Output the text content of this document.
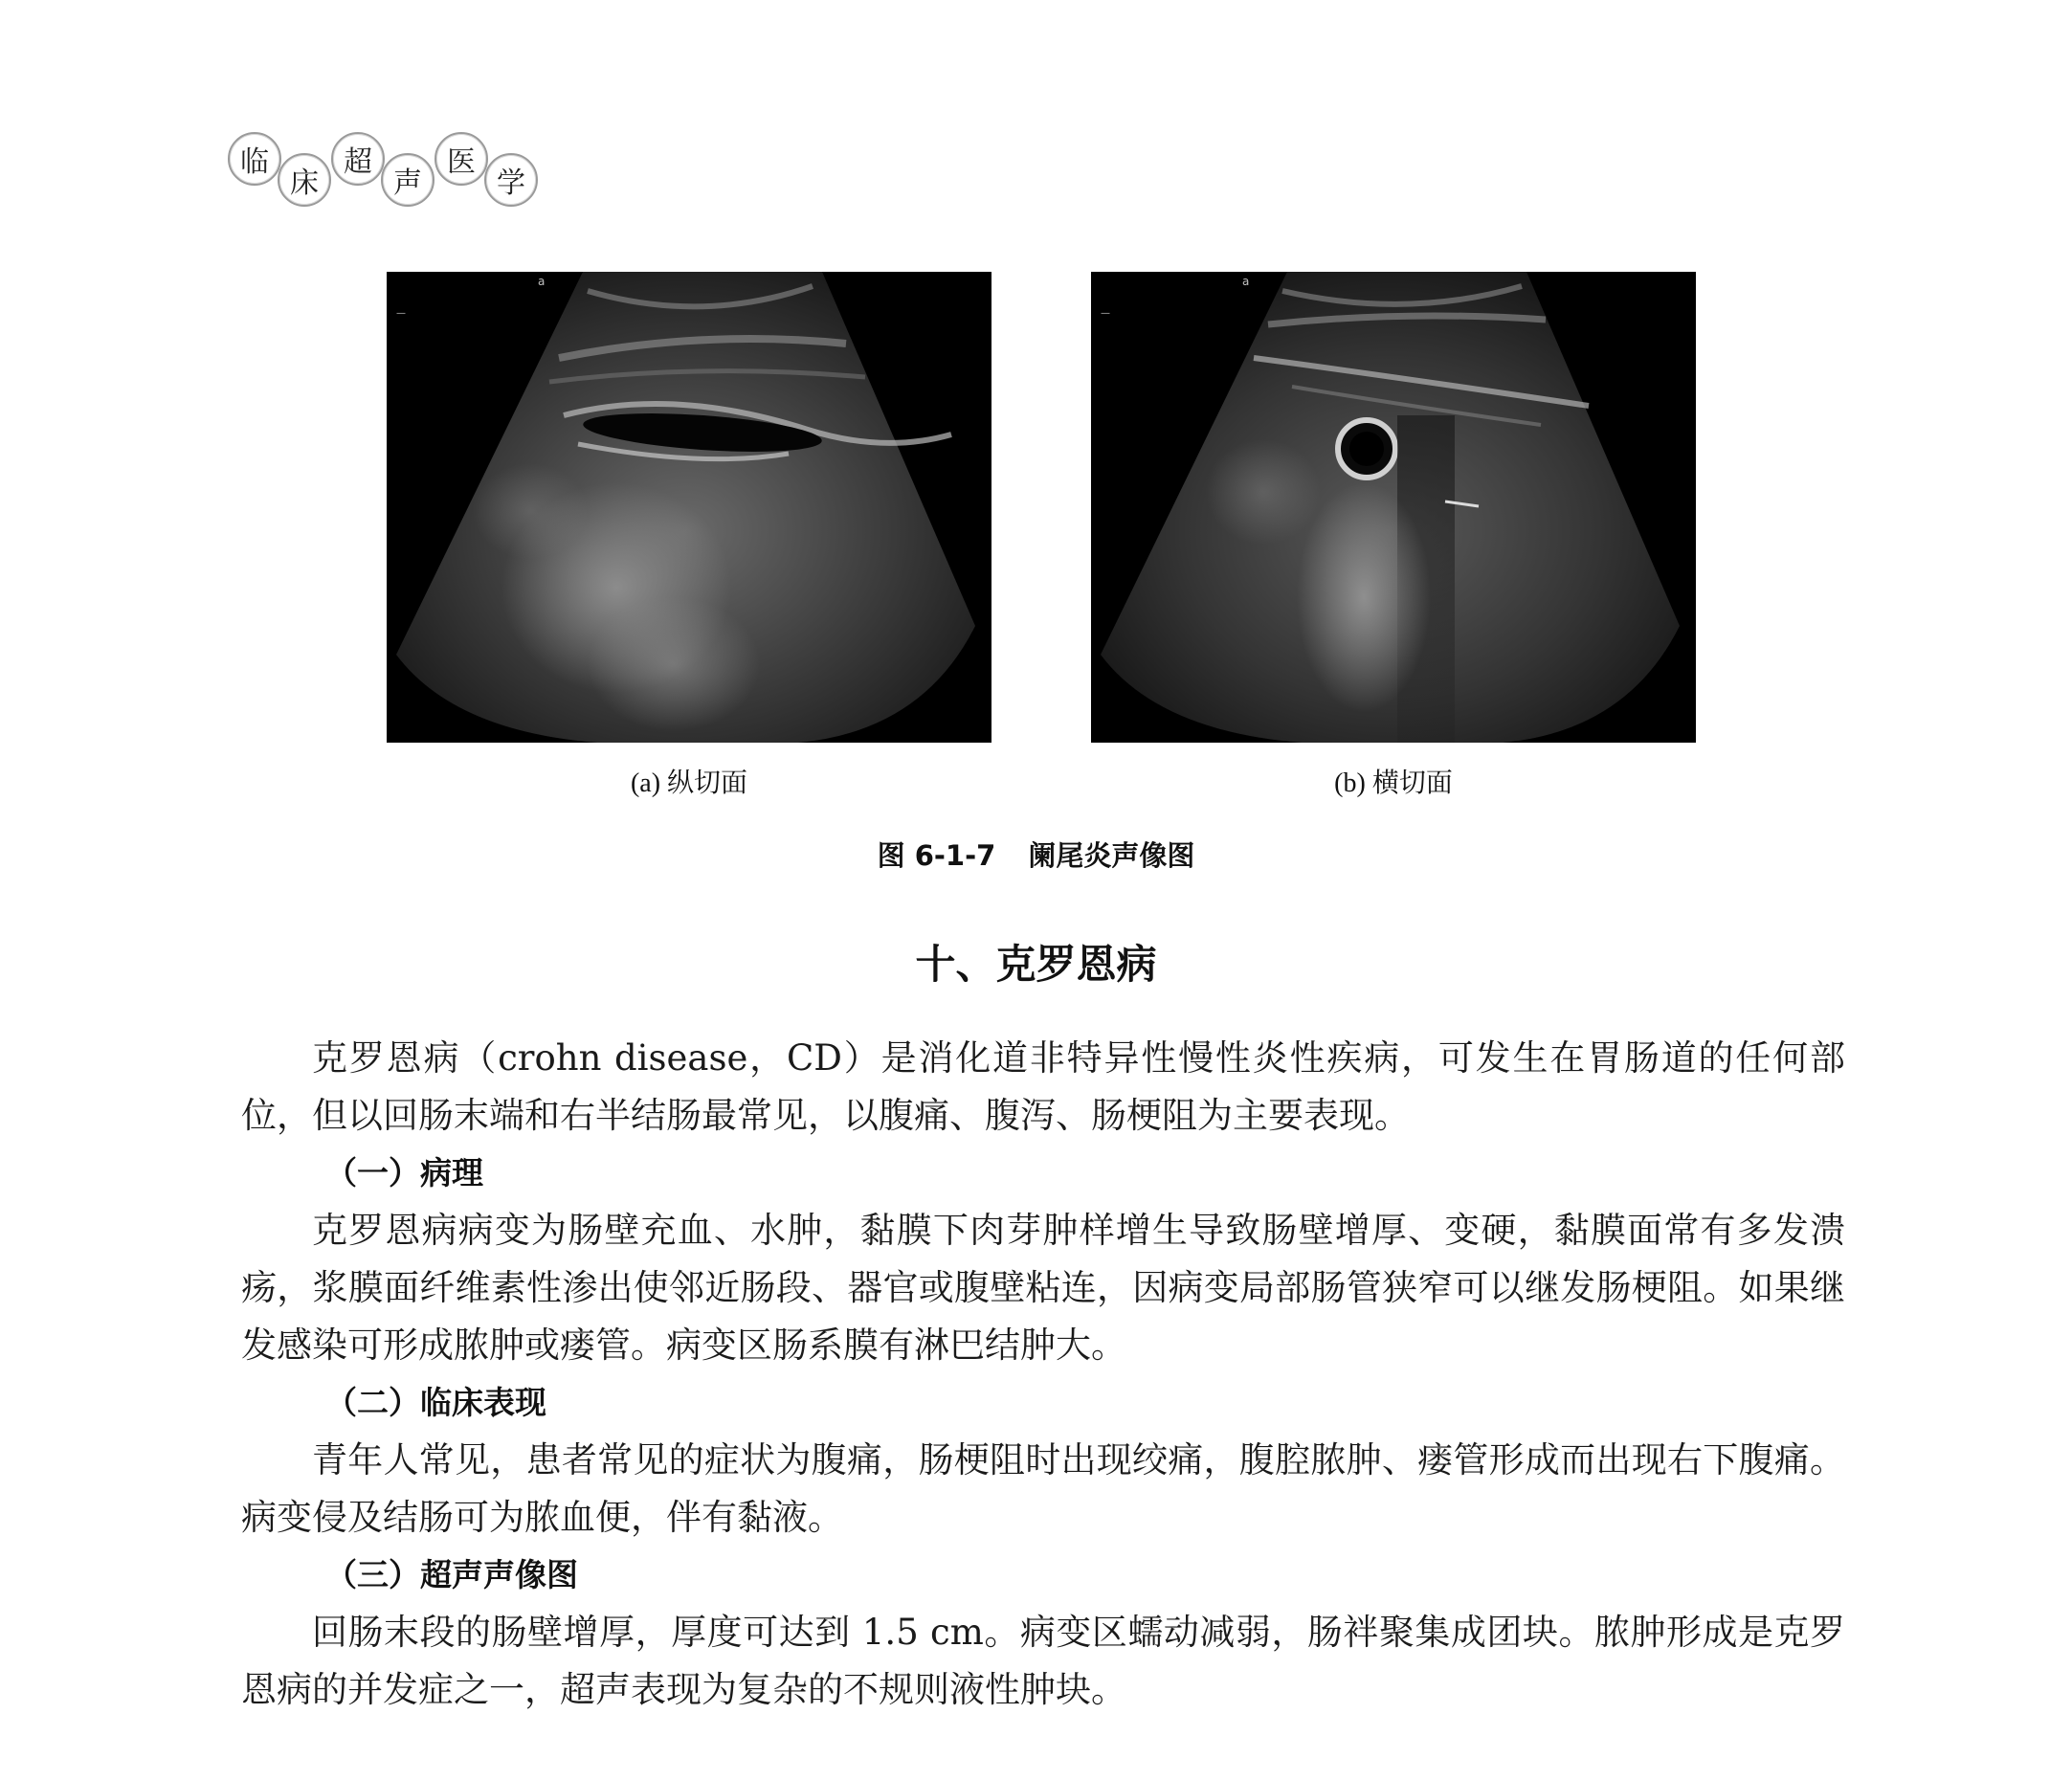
临
床
超
声
医
学
a
—
a
—
(a) 纵切面	(b) 横切面
图 6-1-7 阑尾炎声像图
十、克罗恩病

克罗恩病（crohn disease，CD）是消化道非特异性慢性炎性疾病，可发生在胃肠道的任何部位，但以回肠末端和右半结肠最常见，以腹痛、腹泻、肠梗阻为主要表现。

（一）病理

克罗恩病病变为肠壁充血、水肿，黏膜下肉芽肿样增生导致肠壁增厚、变硬，黏膜面常有多发溃疡，浆膜面纤维素性渗出使邻近肠段、器官或腹壁粘连，因病变局部肠管狭窄可以继发肠梗阻。如果继发感染可形成脓肿或瘘管。病变区肠系膜有淋巴结肿大。

（二）临床表现

青年人常见，患者常见的症状为腹痛，肠梗阻时出现绞痛，腹腔脓肿、瘘管形成而出现右下腹痛。病变侵及结肠可为脓血便，伴有黏液。

（三）超声声像图

回肠末段的肠壁增厚，厚度可达到 1.5 cm。病变区蠕动减弱，肠袢聚集成团块。脓肿形成是克罗恩病的并发症之一，超声表现为复杂的不规则液性肿块。
